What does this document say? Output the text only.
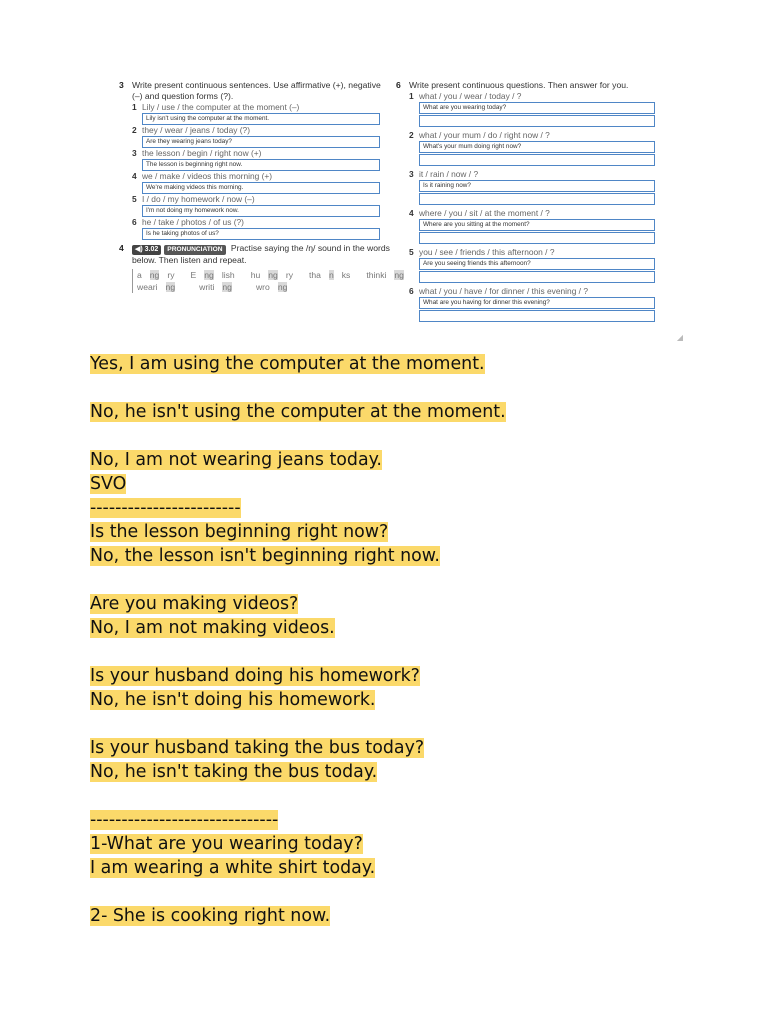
3 Write present continuous sentences. Use affirmative (+), negative (–) and question forms (?).
1 Lily / use / the computer at the moment (–)
Lily isn't using the computer at the moment.
2 they / wear / jeans / today (?)
Are they wearing jeans today?
3 the lesson / begin / right now (+)
The lesson is beginning right now.
4 we / make / videos this morning (+)
We're making videos this morning.
5 I / do / my homework / now (–)
I'm not doing my homework now.
6 he / take / photos / of us (?)
Is he taking photos of us?
4	◀) 3.02 PRONUNCIATION Practise saying the /ŋ/ sound in the words below. Then listen and repeat.
a ng ry E ng lish hu ng ry tha n ks thinki ng
weari ng	writi ng	wro ng
6 Write present continuous questions. Then answer for you.
1 what / you / wear / today / ?
What are you wearing today?
2 what / your mum / do / right now / ?
What's your mum doing right now?
3 it / rain / now / ?
Is it raining now?
4 where / you / sit / at the moment / ?
Where are you sitting at the moment?
5 you / see / friends / this afternoon / ?
Are you seeing friends this afternoon?
6 what / you / have / for dinner / this evening / ?
What are you having for dinner this evening?
◢
Yes, I am using the computer at the moment.
No, he isn't using the computer at the moment.
No, I am not wearing jeans today.
SVO
------------------------
Is the lesson beginning right now?
No, the lesson isn't beginning right now.
Are you making videos?
No, I am not making videos.
Is your husband doing his homework?
No, he isn't doing his homework.
Is your husband taking the bus today?
No, he isn't taking the bus today.
------------------------------
1-What are you wearing today?
I am wearing a white shirt today.
2- She is cooking right now.
